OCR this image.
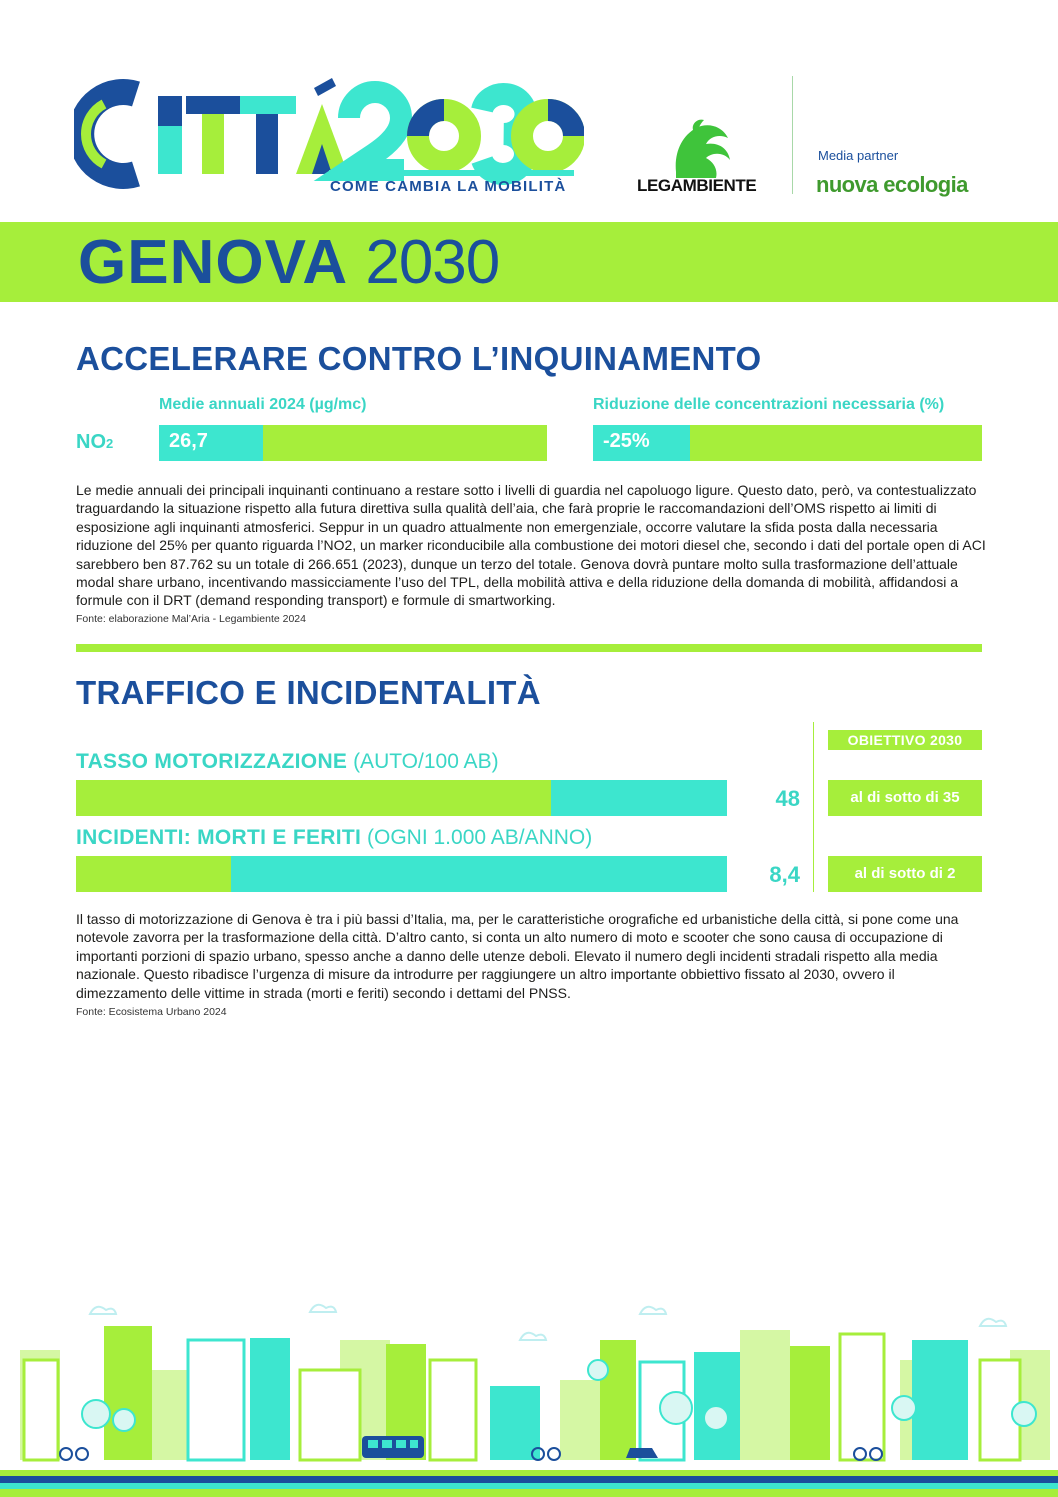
COME CAMBIA LA MOBILITÀ	LEGAMBIENTE
Media partner
nuova ecologia
GENOVA 2030
ACCELERARE CONTRO L’INQUINAMENTO
Medie annuali 2024 (µg/mc)	Riduzione delle concentrazioni necessaria (%)
NO2	26,7	-25%
Le medie annuali dei principali inquinanti continuano a restare sotto i livelli di guardia nel capoluogo ligure. Questo dato, però, va contestualizzato traguardando la situazione rispetto alla futura direttiva sulla qualità dell’aia, che farà proprie le raccomandazioni dell’OMS rispetto ai limiti di esposizione agli inquinanti atmosferici. Seppur in un quadro attualmente non emergenziale, occorre valutare la sfida posta dalla necessaria riduzione del 25% per quanto riguarda l’NO2, un marker riconducibile alla combustione dei motori diesel che, secondo i dati del portale open di ACI sarebbero ben 87.762 su un totale di 266.651 (2023), dunque un terzo del totale. Genova dovrà puntare molto sulla trasformazione dell’attuale modal share urbano, incentivando massicciamente l’uso del TPL, della mobilità attiva e della riduzione della domanda di mobilità, affidandosi a formule con il DRT (demand responding transport) e formule di smartworking.
Fonte: elaborazione Mal’Aria - Legambiente 2024
TRAFFICO E INCIDENTALITÀ
OBIETTIVO 2030
TASSO MOTORIZZAZIONE (AUTO/100 AB)
48	al di sotto di 35
INCIDENTI: MORTI E FERITI (OGNI 1.000 AB/ANNO)
8,4	al di sotto di 2
Il tasso di motorizzazione di Genova è tra i più bassi d’Italia, ma, per le caratteristiche orografiche ed urbanistiche della città, si pone come una notevole zavorra per la trasformazione della città. D’altro canto, si conta un alto numero di moto e scooter che sono causa di occupazione di importanti porzioni di spazio urbano, spesso anche a danno delle utenze deboli. Elevato il numero degli incidenti stradali rispetto alla media nazionale. Questo ribadisce l’urgenza di misure da introdurre per raggiungere un altro importante obbiettivo fissato al 2030, ovvero il dimezzamento delle vittime in strada (morti e feriti) secondo i dettami del PNSS.
Fonte: Ecosistema Urbano 2024
